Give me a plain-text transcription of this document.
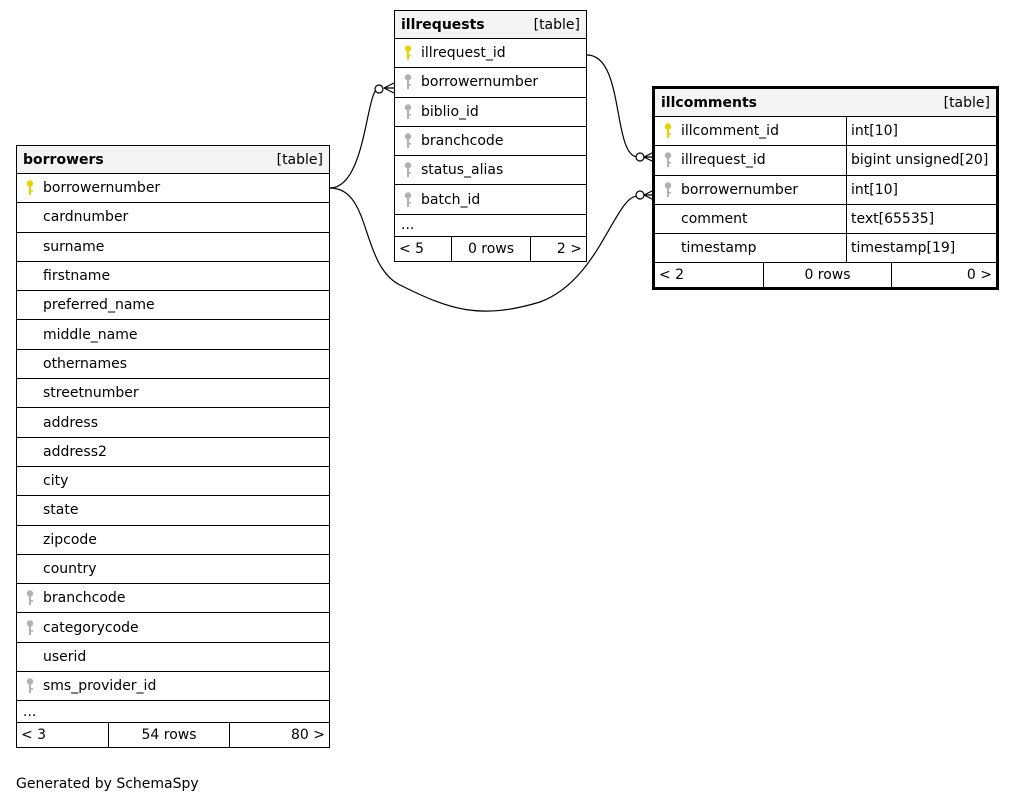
illrequests	[table]
illrequest_id
borrowernumber
biblio_id
branchcode
status_alias
batch_id
...
< 5	0 rows	2 >
illcomments	[table]
illcomment_id	int[10]
illrequest_id	bigint unsigned[20]
borrowernumber	int[10]
comment	text[65535]
timestamp	timestamp[19]
< 2	0 rows	0 >
borrowers	[table]
borrowernumber
cardnumber
surname
firstname
preferred_name
middle_name
othernames
streetnumber
address
address2
city
state
zipcode
country
branchcode
categorycode
userid
sms_provider_id
...
< 3	54 rows	80 >
Generated by SchemaSpy
